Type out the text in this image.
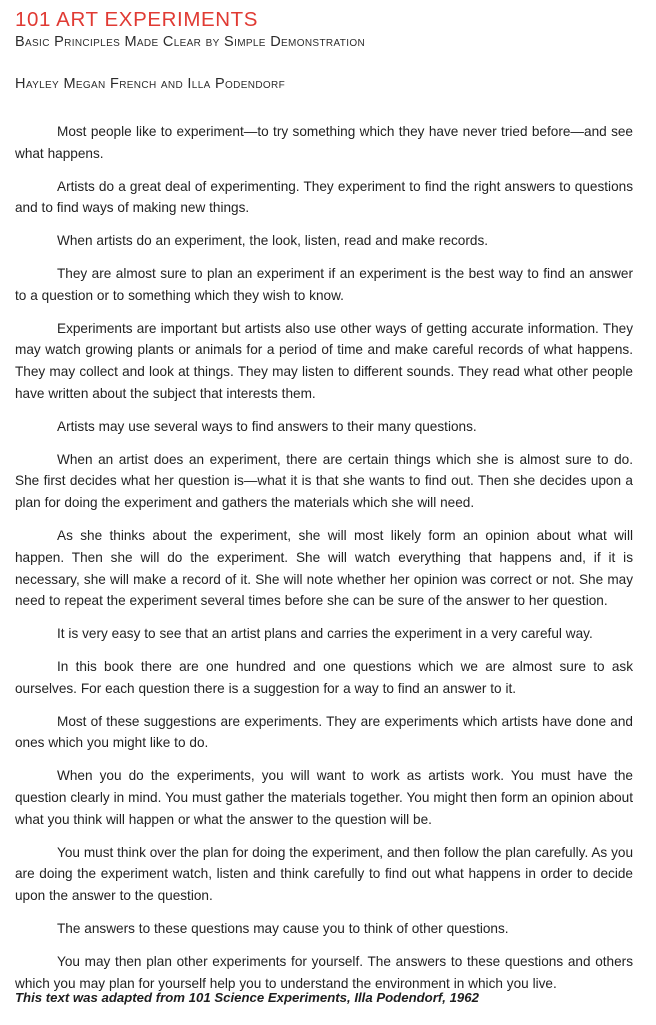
101 ART EXPERIMENTS
Basic Principles Made Clear by Simple Demonstration

Hayley Megan French and Illa Podendorf

Most people like to experiment—to try something which they have never tried before—and see what happens.

Artists do a great deal of experimenting. They experiment to find the right answers to questions and to find ways of making new things.

When artists do an experiment, the look, listen, read and make records.

They are almost sure to plan an experiment if an experiment is the best way to find an answer to a question or to something which they wish to know.

Experiments are important but artists also use other ways of getting accurate information. They may watch growing plants or animals for a period of time and make careful records of what happens. They may collect and look at things. They may listen to different sounds. They read what other people have written about the subject that interests them.

Artists may use several ways to find answers to their many questions.

When an artist does an experiment, there are certain things which she is almost sure to do. She first decides what her question is—what it is that she wants to find out. Then she decides upon a plan for doing the experiment and gathers the materials which she will need.

As she thinks about the experiment, she will most likely form an opinion about what will happen. Then she will do the experiment. She will watch everything that happens and, if it is necessary, she will make a record of it. She will note whether her opinion was correct or not. She may need to repeat the experiment several times before she can be sure of the answer to her question.

It is very easy to see that an artist plans and carries the experiment in a very careful way.

In this book there are one hundred and one questions which we are almost sure to ask ourselves. For each question there is a suggestion for a way to find an answer to it.

Most of these suggestions are experiments. They are experiments which artists have done and ones which you might like to do.

When you do the experiments, you will want to work as artists work. You must have the question clearly in mind. You must gather the materials together. You might then form an opinion about what you think will happen or what the answer to the question will be.

You must think over the plan for doing the experiment, and then follow the plan carefully. As you are doing the experiment watch, listen and think carefully to find out what happens in order to decide upon the answer to the question.

The answers to these questions may cause you to think of other questions.

You may then plan other experiments for yourself. The answers to these questions and others which you may plan for yourself help you to understand the environment in which you live.

This text was adapted from 101 Science Experiments, Illa Podendorf, 1962
